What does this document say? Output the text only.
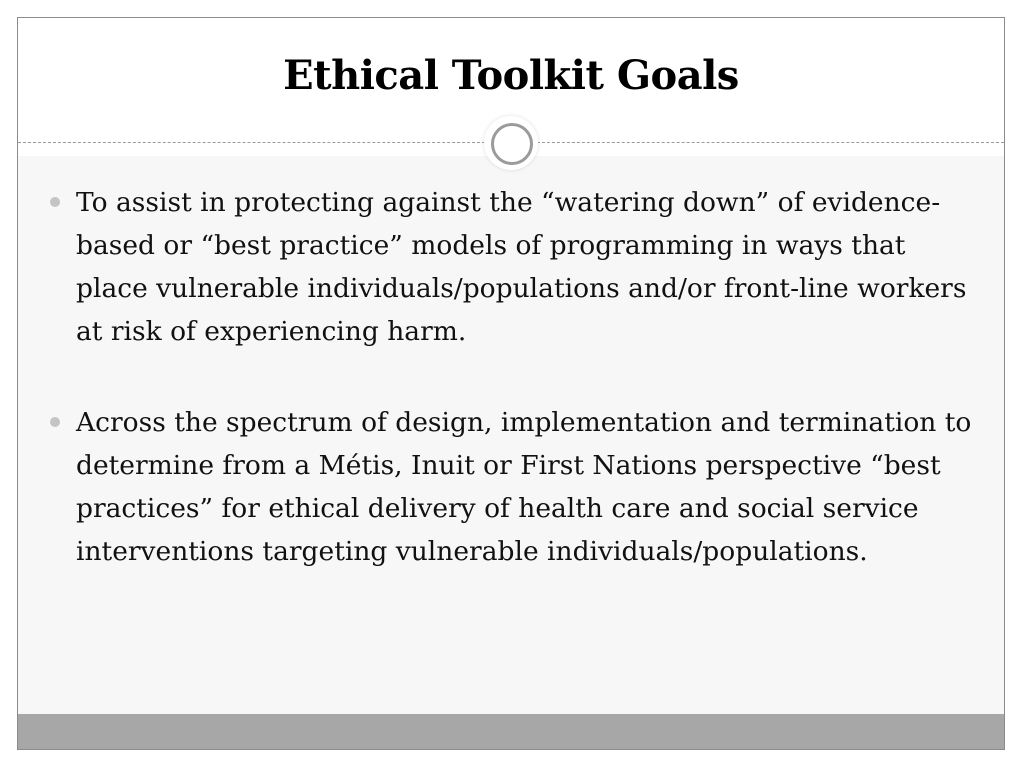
Ethical Toolkit Goals
To assist in protecting against the “watering down” of evidence-based or “best practice” models of programming in ways that place vulnerable individuals/populations and/or front-line workers at risk of experiencing harm.
Across the spectrum of design, implementation and termination to determine from a Métis, Inuit or First Nations perspective “best practices” for ethical delivery of health care and social service interventions targeting vulnerable individuals/populations.
